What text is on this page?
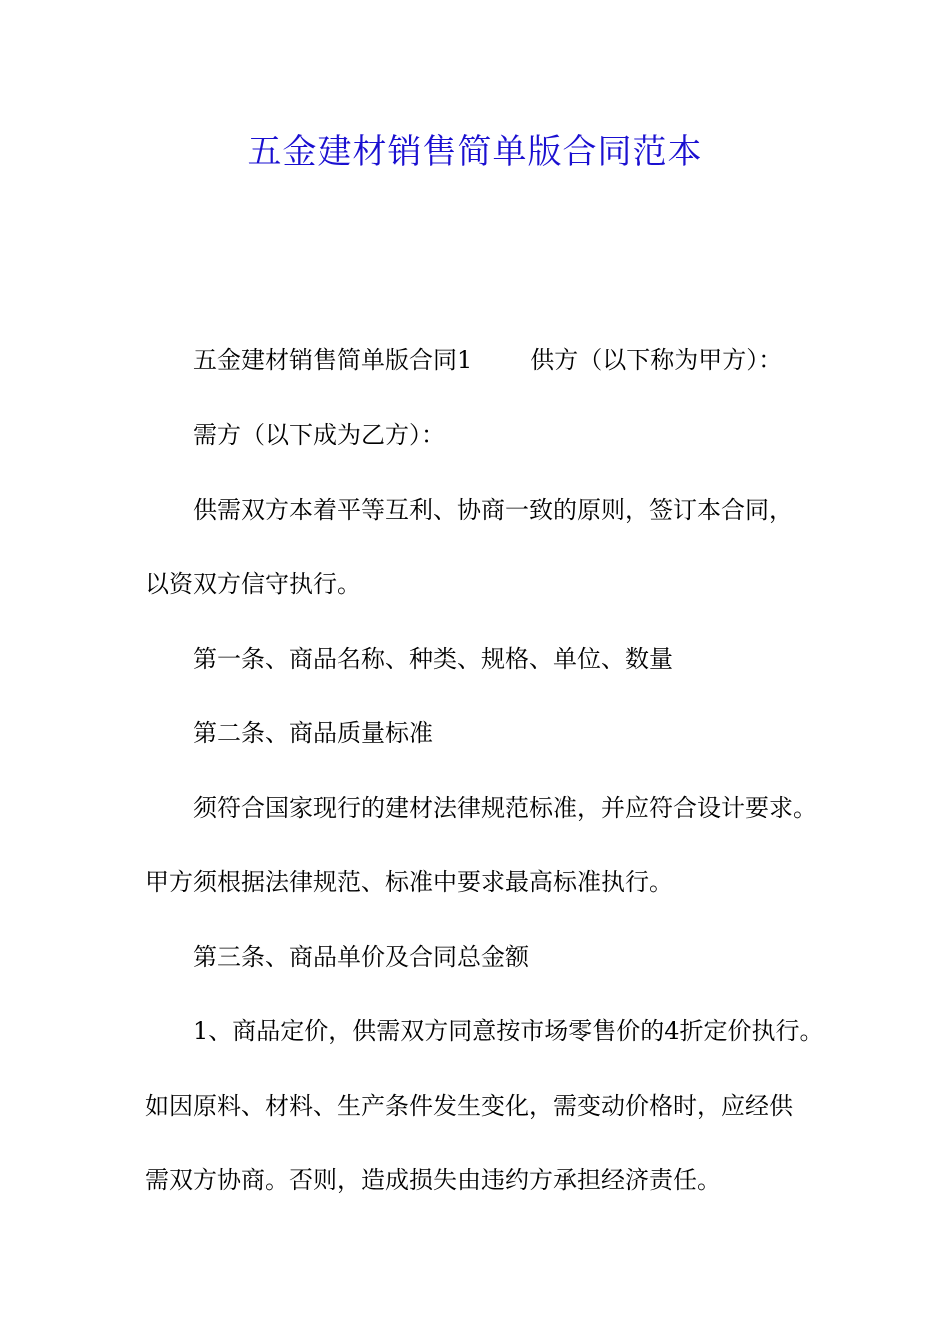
五金建材销售简单版合同范本

五金建材销售简单版合同1 供方（以下称为甲方）：

需方（以下成为乙方）：

供需双方本着平等互利、协商一致的原则，签订本合同，

以资双方信守执行。

第一条、商品名称、种类、规格、单位、数量

第二条、商品质量标准

须符合国家现行的建材法律规范标准，并应符合设计要求。

甲方须根据法律规范、标准中要求最高标准执行。

第三条、商品单价及合同总金额

1、商品定价，供需双方同意按市场零售价的4折定价执行。

如因原料、材料、生产条件发生变化，需变动价格时，应经供

需双方协商。否则，造成损失由违约方承担经济责任。
